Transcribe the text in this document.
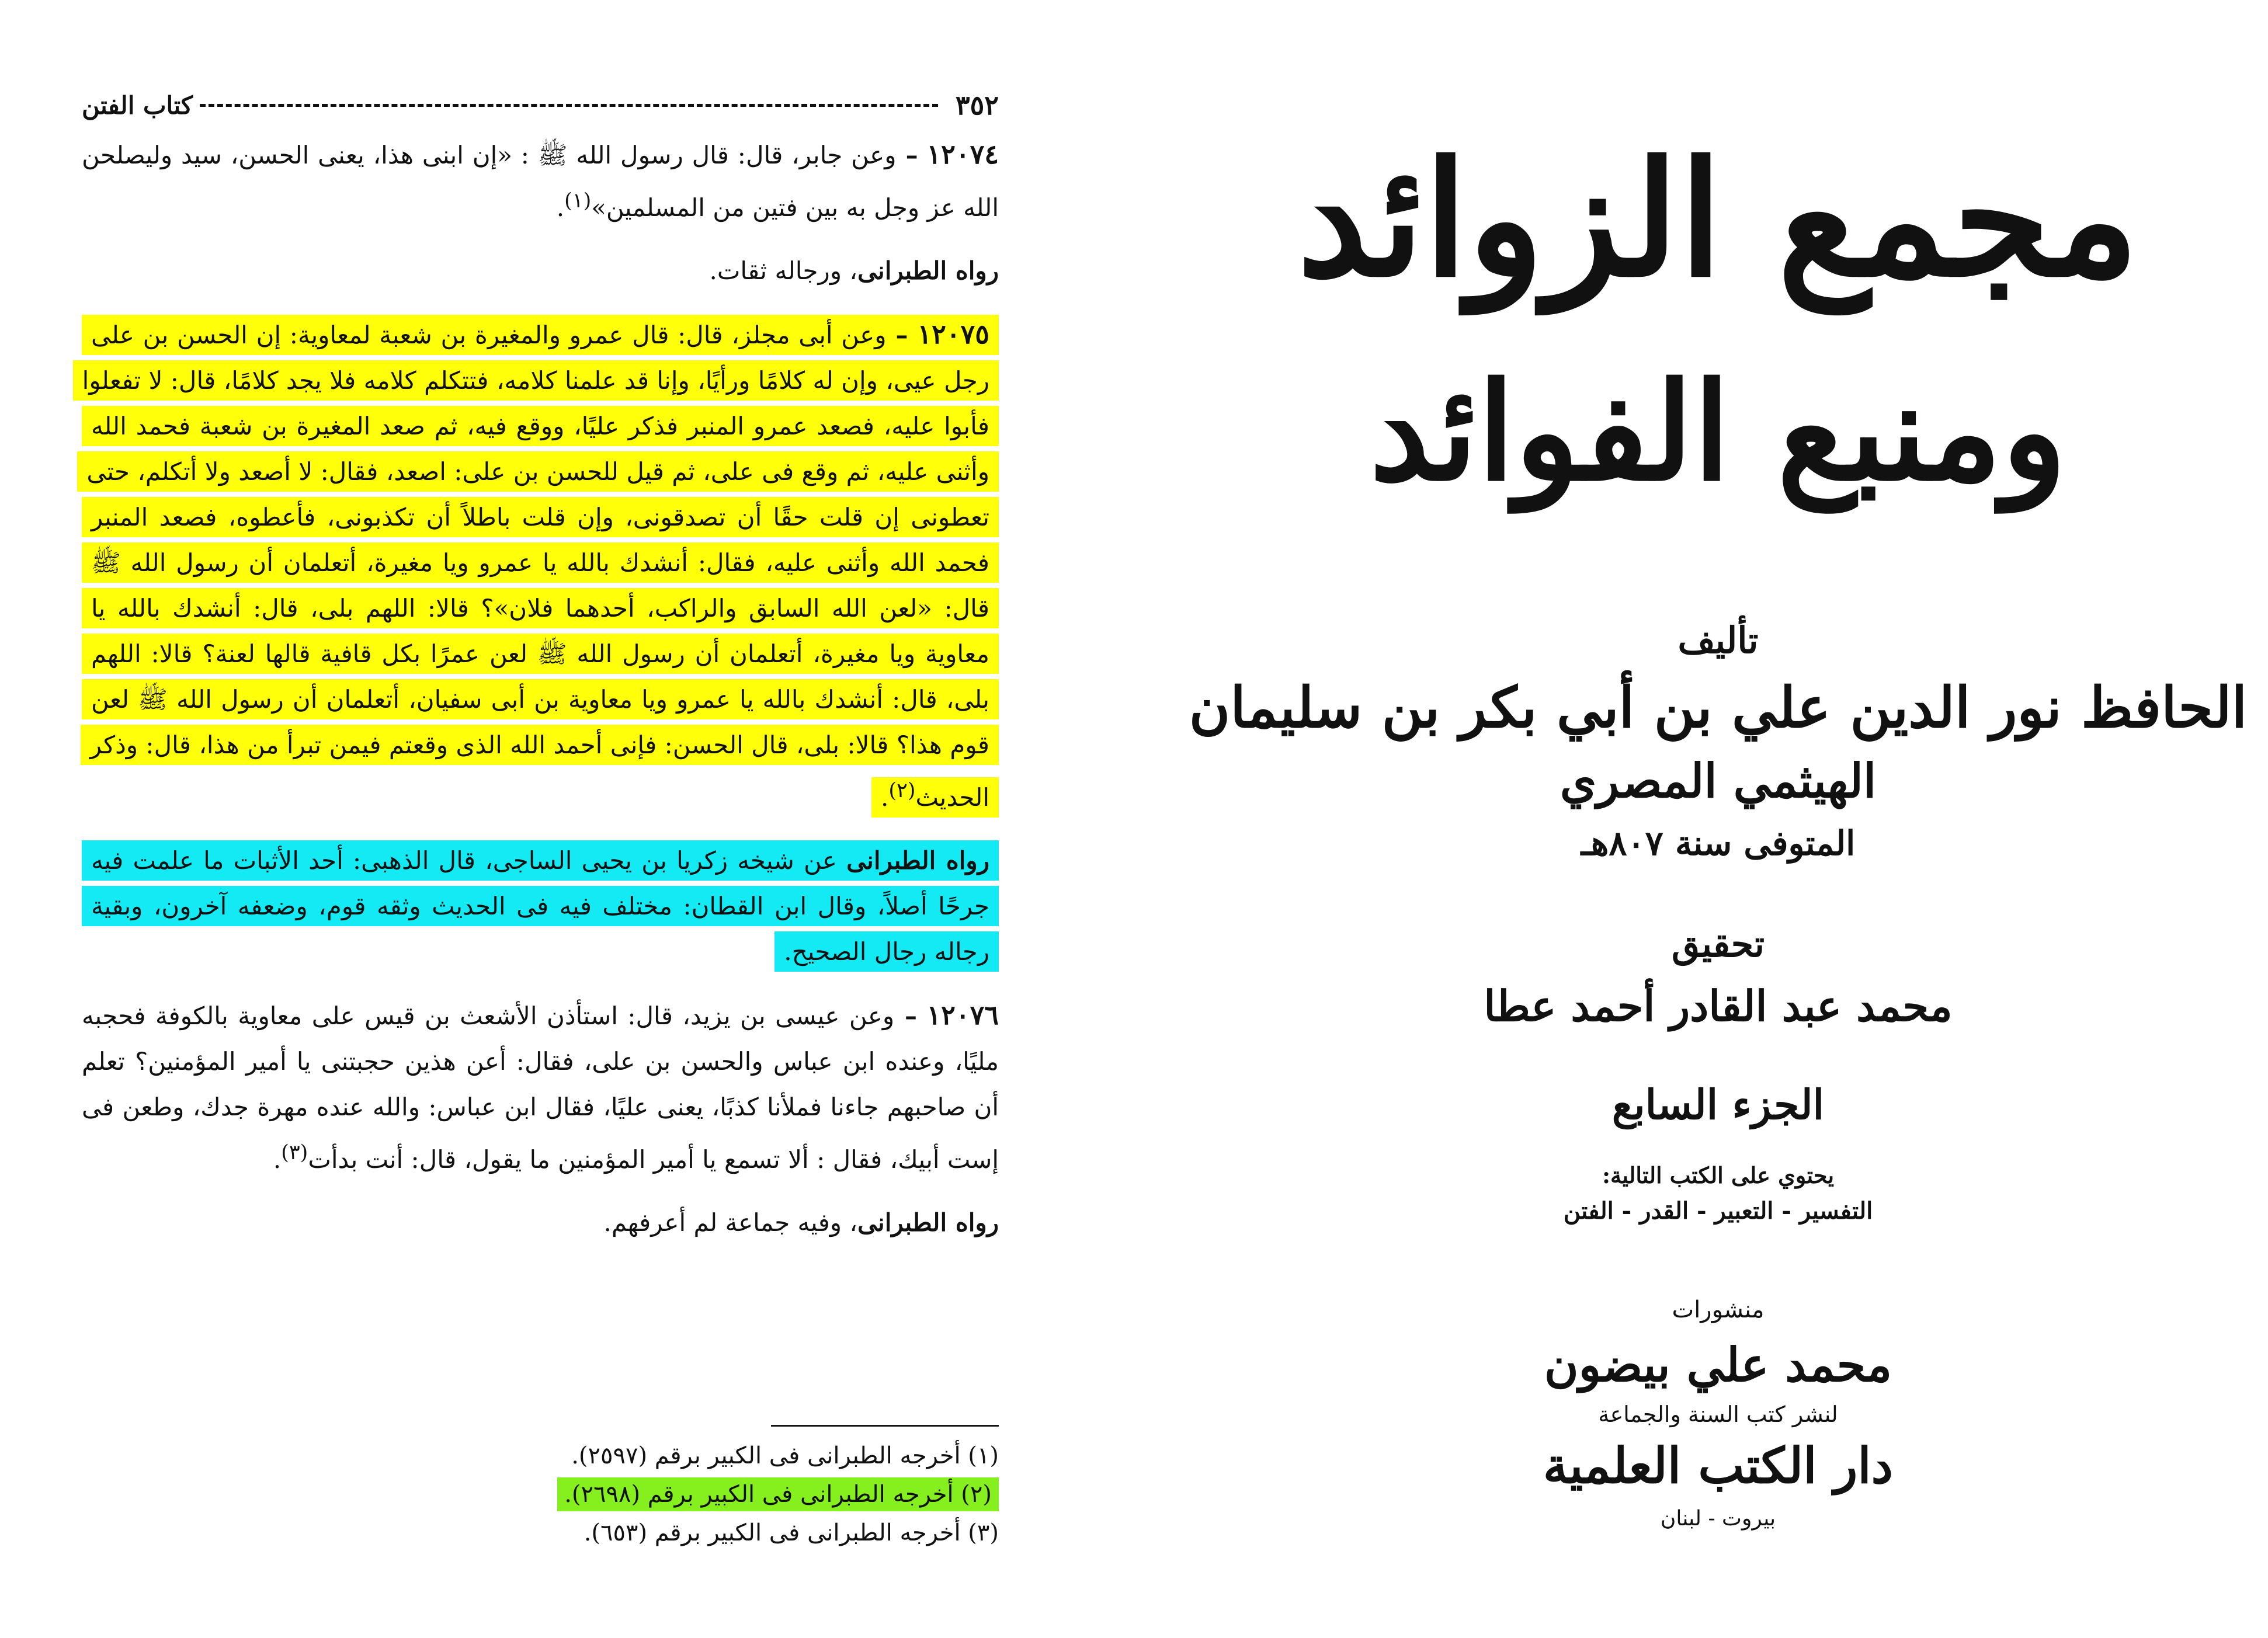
٣٥٢
كتاب الفتن

١٢٠٧٤ – وعن جابر، قال: قال رسول الله ﷺ : «إن ابنى هذا، يعنى الحسن، سيد وليصلحن الله عز وجل به بين فتين من المسلمين»$^{(١)}$.

رواه الطبرانى، ورجاله ثقات.

١٢٠٧٥ – وعن أبى مجلز، قال: قال عمرو والمغيرة بن شعبة لمعاوية: إن الحسن بن على رجل عيى، وإن له كلامًا ورأيًا، وإنا قد علمنا كلامه، فتتكلم كلامه فلا يجد كلامًا، قال: لا تفعلوا فأبوا عليه، فصعد عمرو المنبر فذكر عليًا، ووقع فيه، ثم صعد المغيرة بن شعبة فحمد الله وأثنى عليه، ثم وقع فى على، ثم قيل للحسن بن على: اصعد، فقال: لا أصعد ولا أتكلم، حتى تعطونى إن قلت حقًا أن تصدقونى، وإن قلت باطلاً أن تكذبونى، فأعطوه، فصعد المنبر فحمد الله وأثنى عليه، فقال: أنشدك بالله يا عمرو ويا مغيرة، أتعلمان أن رسول الله ﷺ قال: «لعن الله السابق والراكب، أحدهما فلان»؟ قالا: اللهم بلى، قال: أنشدك بالله يا معاوية ويا مغيرة، أتعلمان أن رسول الله ﷺ لعن عمرًا بكل قافية قالها لعنة؟ قالا: اللهم بلى، قال: أنشدك بالله يا عمرو ويا معاوية بن أبى سفيان، أتعلمان أن رسول الله ﷺ لعن قوم هذا؟ قالا: بلى، قال الحسن: فإنى أحمد الله الذى وقعتم فيمن تبرأ من هذا، قال: وذكر الحديث$^{(٢)}$.

رواه الطبرانى عن شيخه زكريا بن يحيى الساجى، قال الذهبى: أحد الأثبات ما علمت فيه جرحًا أصلاً، وقال ابن القطان: مختلف فيه فى الحديث وثقه قوم، وضعفه آخرون، وبقية رجاله رجال الصحيح.

١٢٠٧٦ – وعن عيسى بن يزيد، قال: استأذن الأشعث بن قيس على معاوية بالكوفة فحجبه مليًا، وعنده ابن عباس والحسن بن على، فقال: أعن هذين حجبتنى يا أمير المؤمنين؟ تعلم أن صاحبهم جاءنا فملأنا كذبًا، يعنى عليًا، فقال ابن عباس: والله عنده مهرة جدك، وطعن فى إست أبيك، فقال : ألا تسمع يا أمير المؤمنين ما يقول، قال: أنت بدأت$^{(٣)}$.

رواه الطبرانى، وفيه جماعة لم أعرفهم.

(١) أخرجه الطبرانى فى الكبير برقم (٢٥٩٧).
(٢) أخرجه الطبرانى فى الكبير برقم (٢٦٩٨).
(٣) أخرجه الطبرانى فى الكبير برقم (٦٥٣).
مجمع الزوائد
ومنبع الفوائد
تأليف
الحافظ نور الدين علي بن أبي بكر بن سليمان
الهيثمي المصري
المتوفى سنة ٨٠٧هـ
تحقيق
محمد عبد القادر أحمد عطا
الجزء السابع
يحتوي على الكتب التالية:
التفسير - التعبير - القدر - الفتن
منشورات
محمد علي بيضون
لنشر كتب السنة والجماعة
دار الكتب العلمية
بيروت - لبنان
